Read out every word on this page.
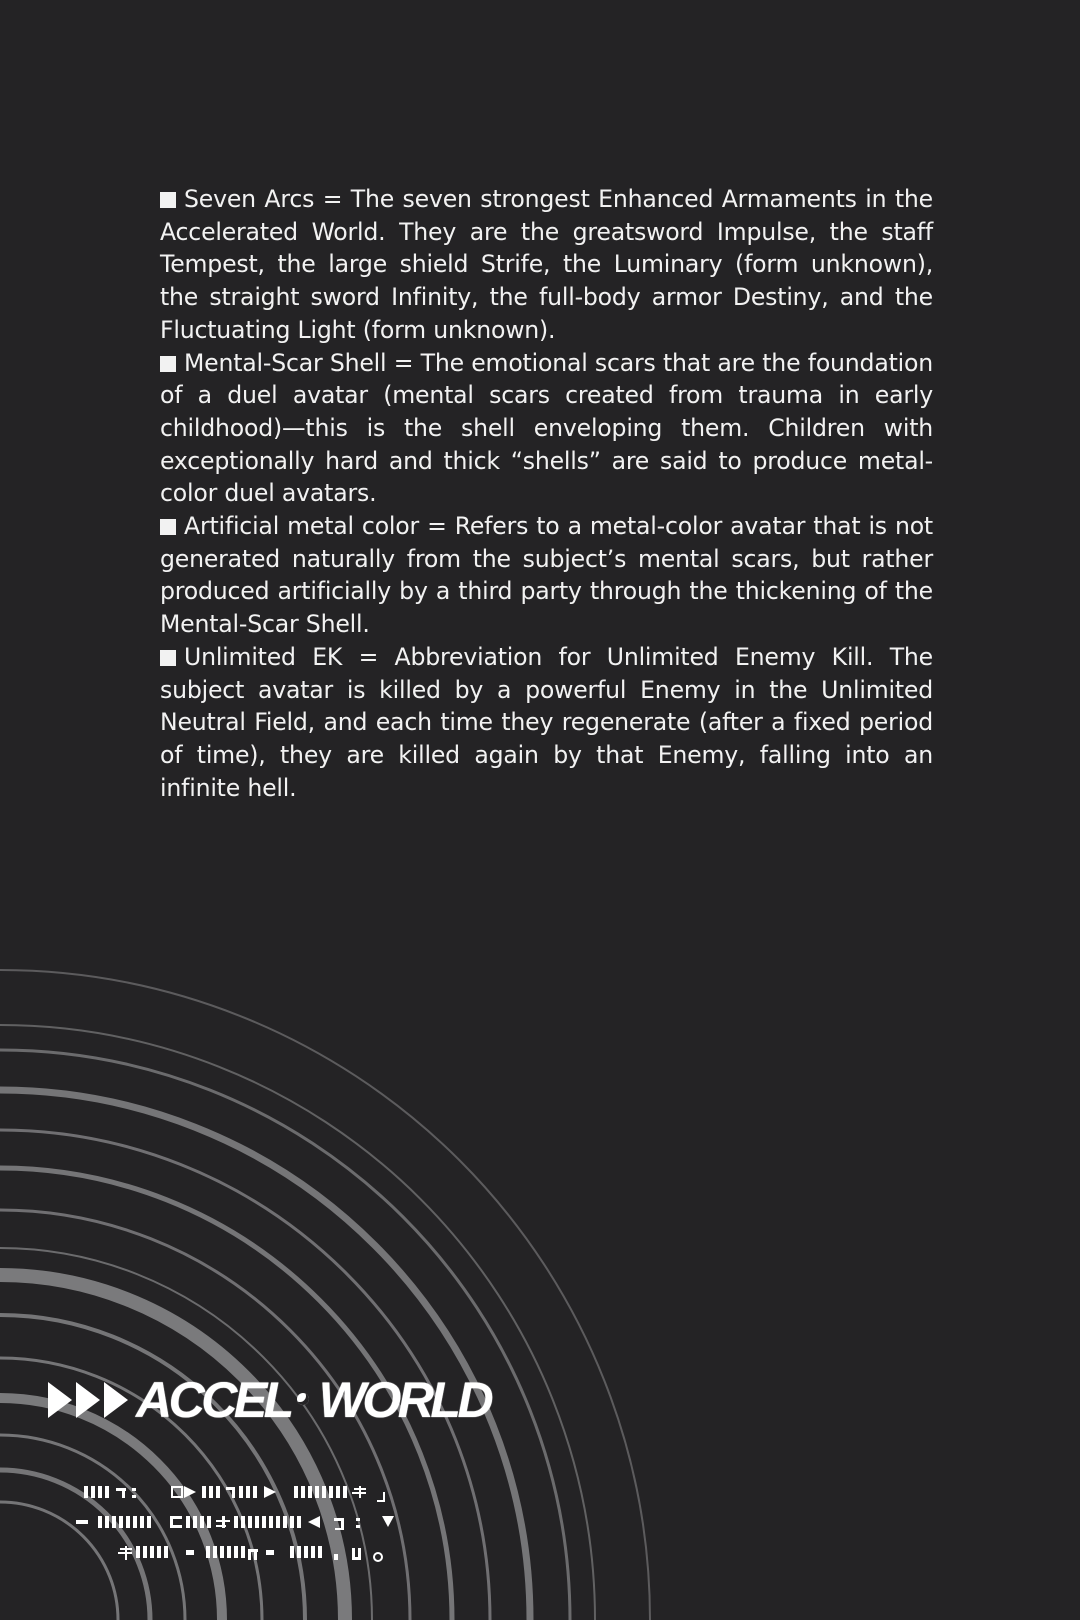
Seven Arcs = The seven strongest Enhanced Armaments in the Accelerated World. They are the greatsword Impulse, the staff Tempest, the large shield Strife, the Luminary (form unknown), the straight sword Infinity, the full-body armor Destiny, and the Fluctuating Light (form unknown).

Mental-Scar Shell = The emotional scars that are the foundation of a duel avatar (mental scars created from trauma in early childhood)—this is the shell enveloping them. Children with exceptionally hard and thick “shells” are said to produce metal-color duel avatars.

Artificial metal color = Refers to a metal-color avatar that is not generated naturally from the subject’s mental scars, but rather produced artificially by a third party through the thickening of the Mental-Scar Shell.

Unlimited EK = Abbreviation for Unlimited Enemy Kill. The subject avatar is killed by a powerful Enemy in the Unlimited Neutral Field, and each time they regenerate (after a fixed period of time), they are killed again by that Enemy, falling into an infinite hell.

ACCEL WORLD
